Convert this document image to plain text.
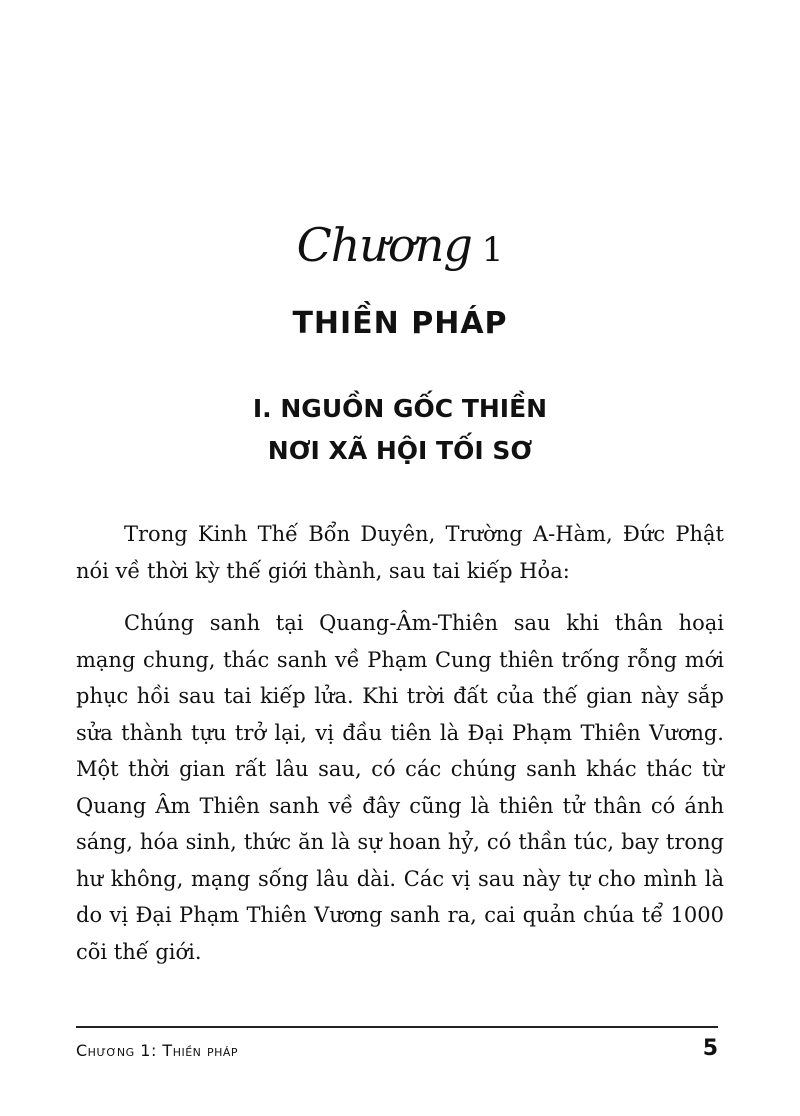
Chương 1
THIỀN PHÁP
I. NGUỒN GỐC THIỀN
NƠI XÃ HỘI TỐI SƠ

Trong Kinh Thế Bổn Duyên, Trường A-Hàm, Đức Phật nói về thời kỳ thế giới thành, sau tai kiếp Hỏa:

Chúng sanh tại Quang-Âm-Thiên sau khi thân hoại mạng chung, thác sanh về Phạm Cung thiên trống rỗng mới phục hồi sau tai kiếp lửa. Khi trời đất của thế gian này sắp sửa thành tựu trở lại, vị đầu tiên là Đại Phạm Thiên Vương. Một thời gian rất lâu sau, có các chúng sanh khác thác từ Quang Âm Thiên sanh về đây cũng là thiên tử thân có ánh sáng, hóa sinh, thức ăn là sự hoan hỷ, có thần túc, bay trong hư không, mạng sống lâu dài. Các vị sau này tự cho mình là do vị Đại Phạm Thiên Vương sanh ra, cai quản chúa tể 1000 cõi thế giới.

Chương 1: Thiền pháp	5
